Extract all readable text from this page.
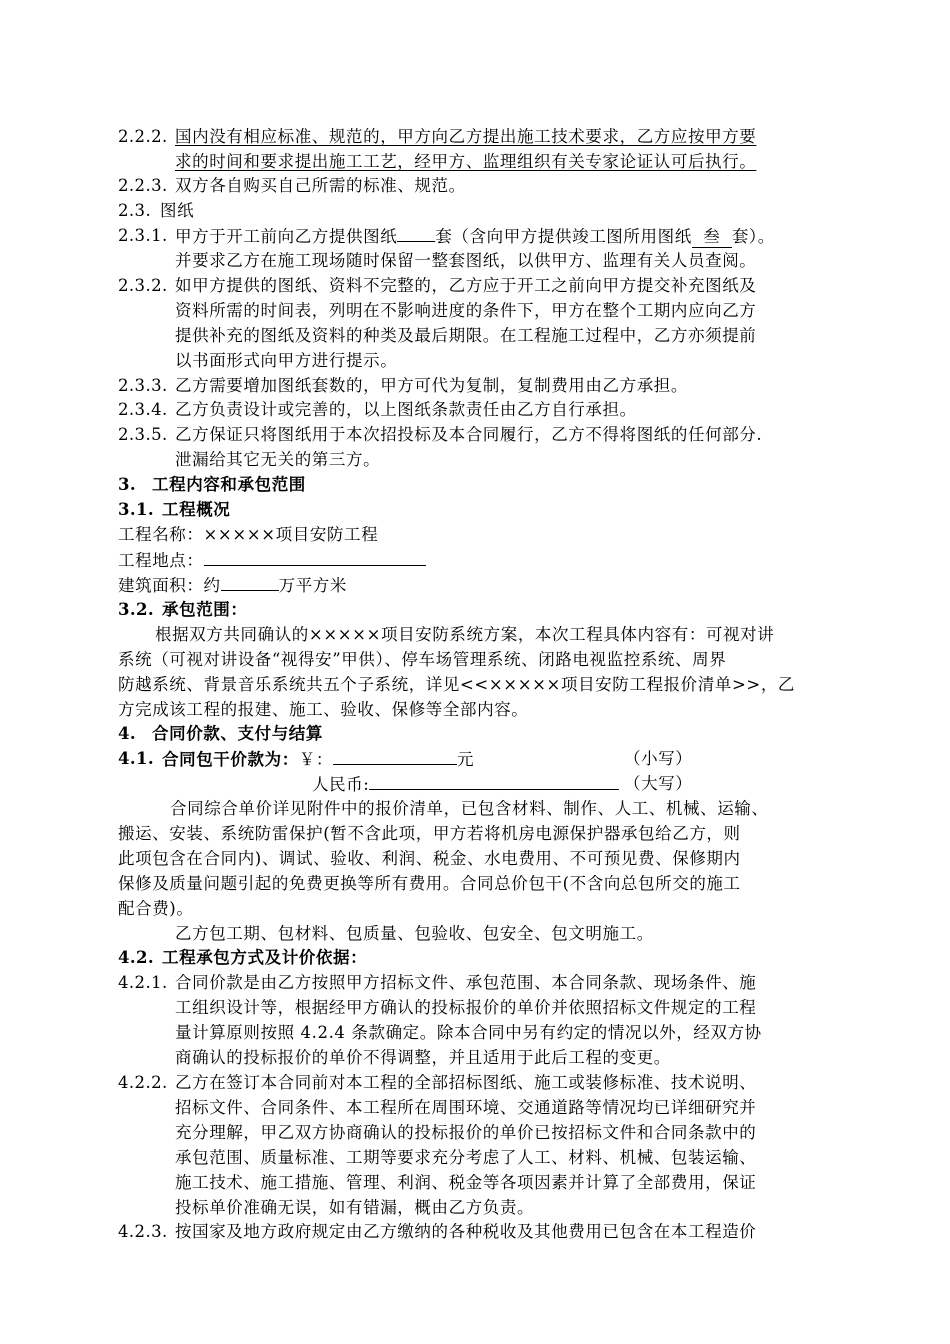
2.2.2. 国内没有相应标准、规范的，甲方向乙方提出施工技术要求，乙方应按甲方要
求的时间和要求提出施工工艺，经甲方、监理组织有关专家论证认可后执行。
2.2.3. 双方各自购买自己所需的标准、规范。
2.3. 图纸
2.3.1. 甲方于开工前向乙方提供图纸 套（含向甲方提供竣工图所用图纸 叁 套）。
并要求乙方在施工现场随时保留一整套图纸，以供甲方、监理有关人员查阅。
2.3.2. 如甲方提供的图纸、资料不完整的，乙方应于开工之前向甲方提交补充图纸及
资料所需的时间表，列明在不影响进度的条件下，甲方在整个工期内应向乙方
提供补充的图纸及资料的种类及最后期限。在工程施工过程中，乙方亦须提前
以书面形式向甲方进行提示。
2.3.3. 乙方需要增加图纸套数的，甲方可代为复制，复制费用由乙方承担。
2.3.4. 乙方负责设计或完善的，以上图纸条款责任由乙方自行承担。
2.3.5. 乙方保证只将图纸用于本次招投标及本合同履行，乙方不得将图纸的任何部分.
泄漏给其它无关的第三方。
3. 工程内容和承包范围
3.1. 工程概况
工程名称：×××××项目安防工程
工程地点：
建筑面积：约	万平方米
3.2. 承包范围：
根据双方共同确认的×××××项目安防系统方案，本次工程具体内容有：可视对讲
系统（可视对讲设备“视得安”甲供）、停车场管理系统、闭路电视监控系统、周界
防越系统、背景音乐系统共五个子系统，详见<<×××××项目安防工程报价清单>>，乙
方完成该工程的报建、施工、验收、保修等全部内容。
4. 合同价款、支付与结算
4.1. 合同包干价款为：￥：	元	（小写）
人民币:	（大写）
合同综合单价详见附件中的报价清单，已包含材料、制作、人工、机械、运输、
搬运、安装、系统防雷保护(暂不含此项，甲方若将机房电源保护器承包给乙方，则
此项包含在合同内)、调试、验收、利润、税金、水电费用、不可预见费、保修期内
保修及质量问题引起的免费更换等所有费用。合同总价包干(不含向总包所交的施工
配合费)。
乙方包工期、包材料、包质量、包验收、包安全、包文明施工。
4.2. 工程承包方式及计价依据：
4.2.1. 合同价款是由乙方按照甲方招标文件、承包范围、本合同条款、现场条件、施
工组织设计等，根据经甲方确认的投标报价的单价并依照招标文件规定的工程
量计算原则按照 4.2.4 条款确定。除本合同中另有约定的情况以外，经双方协
商确认的投标报价的单价不得调整，并且适用于此后工程的变更。
4.2.2. 乙方在签订本合同前对本工程的全部招标图纸、施工或装修标准、技术说明、
招标文件、合同条件、本工程所在周围环境、交通道路等情况均已详细研究并
充分理解，甲乙双方协商确认的投标报价的单价已按招标文件和合同条款中的
承包范围、质量标准、工期等要求充分考虑了人工、材料、机械、包装运输、
施工技术、施工措施、管理、利润、税金等各项因素并计算了全部费用，保证
投标单价准确无误，如有错漏，概由乙方负责。
4.2.3. 按国家及地方政府规定由乙方缴纳的各种税收及其他费用已包含在本工程造价
